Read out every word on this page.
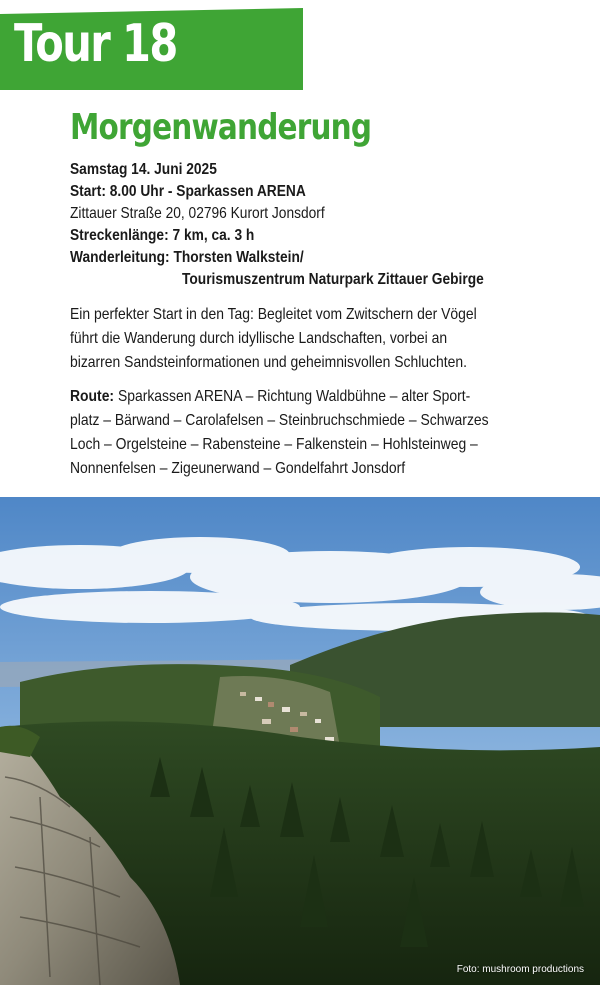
Tour 18
Morgenwanderung
Samstag 14. Juni 2025
Start: 8.00 Uhr - Sparkassen ARENA
Zittauer Straße 20, 02796 Kurort Jonsdorf
Streckenlänge: 7 km, ca. 3 h
Wanderleitung: Thorsten Walkstein/
Tourismuszentrum Naturpark Zittauer Gebirge
Ein perfekter Start in den Tag: Begleitet vom Zwitschern der Vögel
führt die Wanderung durch idyllische Landschaften, vorbei an
bizarren Sandsteinformationen und geheimnisvollen Schluchten.
Route: Sparkassen ARENA – Richtung Waldbühne – alter Sport-
platz – Bärwand – Carolafelsen – Steinbruchschmiede – Schwarzes
Loch – Orgelsteine – Rabensteine – Falkenstein – Hohlsteinweg –
Nonnenfelsen – Zigeunerwand – Gondelfahrt Jonsdorf
Foto: mushroom productions
